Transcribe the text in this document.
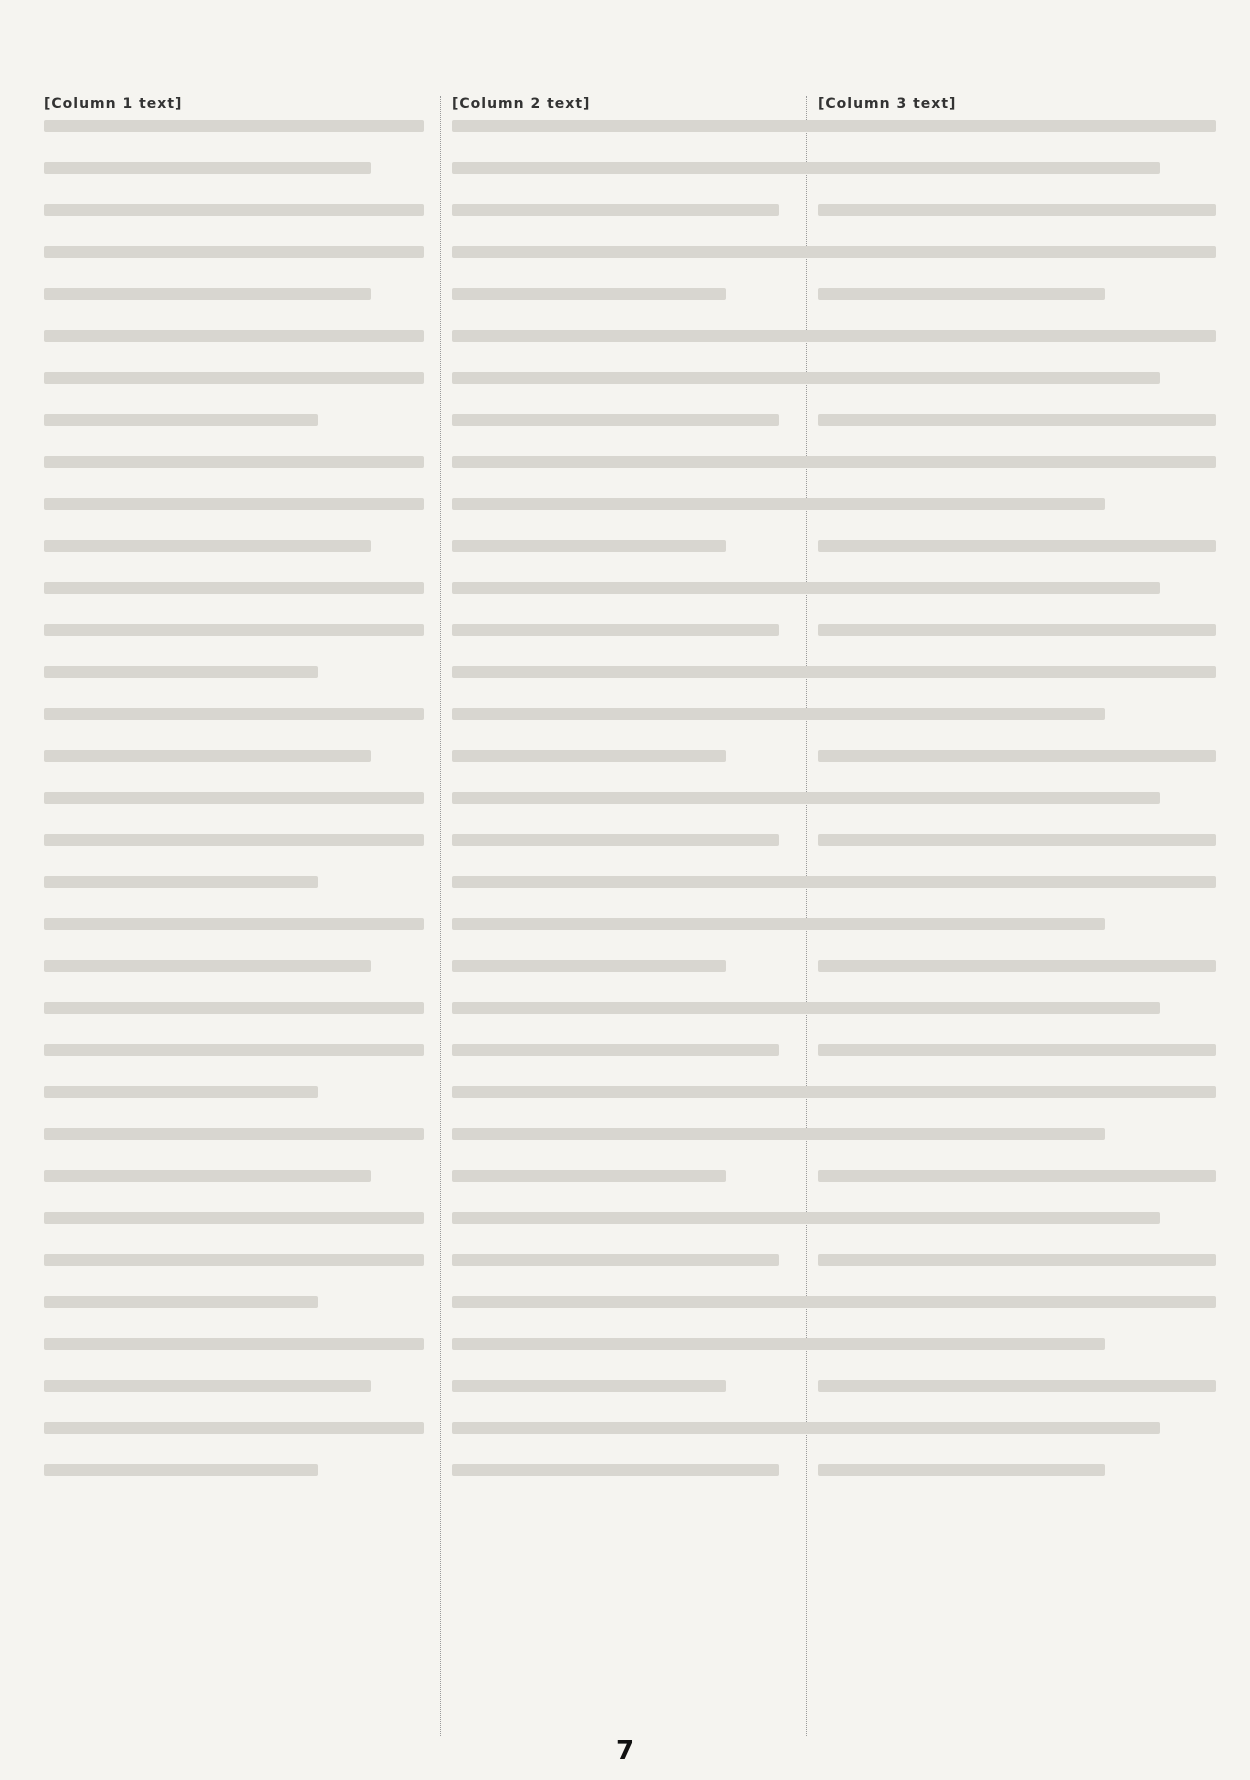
[Column 1 text]	[Column 2 text]	[Column 3 text]
7
